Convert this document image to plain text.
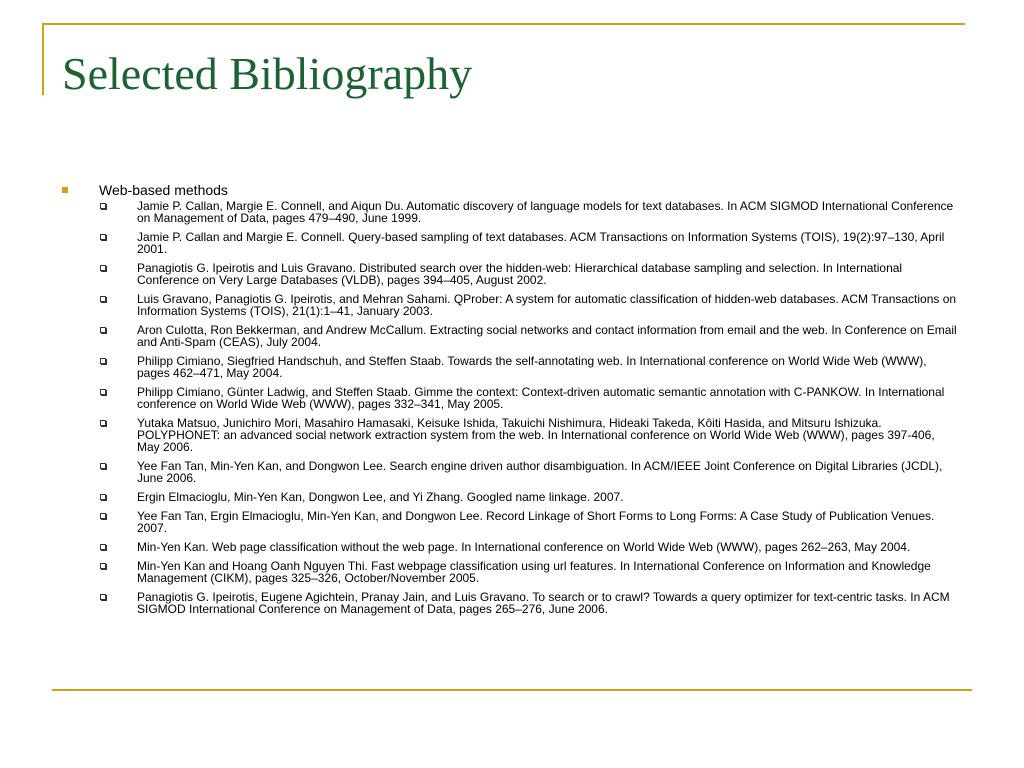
Selected Bibliography
Web-based methods
Jamie P. Callan, Margie E. Connell, and Aiqun Du. Automatic discovery of language models for text databases. In ACM SIGMOD International Conference on Management of Data, pages 479–490, June 1999.
Jamie P. Callan and Margie E. Connell. Query-based sampling of text databases. ACM Transactions on Information Systems (TOIS), 19(2):97–130, April 2001.
Panagiotis G. Ipeirotis and Luis Gravano. Distributed search over the hidden-web: Hierarchical database sampling and selection. In International Conference on Very Large Databases (VLDB), pages 394–405, August 2002.
Luis Gravano, Panagiotis G. Ipeirotis, and Mehran Sahami. QProber: A system for automatic classification of hidden-web databases. ACM Transactions on Information Systems (TOIS), 21(1):1–41, January 2003.
Aron Culotta, Ron Bekkerman, and Andrew McCallum. Extracting social networks and contact information from email and the web. In Conference on Email and Anti-Spam (CEAS), July 2004.
Philipp Cimiano, Siegfried Handschuh, and Steffen Staab. Towards the self-annotating web. In International conference on World Wide Web (WWW), pages 462–471, May 2004.
Philipp Cimiano, Günter Ladwig, and Steffen Staab. Gimme the context: Context-driven automatic semantic annotation with C-PANKOW. In International conference on World Wide Web (WWW), pages 332–341, May 2005.
Yutaka Matsuo, Junichiro Mori, Masahiro Hamasaki, Keisuke Ishida, Takuichi Nishimura, Hideaki Takeda, Kôiti Hasida, and Mitsuru Ishizuka. POLYPHONET: an advanced social network extraction system from the web. In International conference on World Wide Web (WWW), pages 397-406, May 2006.
Yee Fan Tan, Min-Yen Kan, and Dongwon Lee. Search engine driven author disambiguation. In ACM/IEEE Joint Conference on Digital Libraries (JCDL), June 2006.
Ergin Elmacioglu, Min-Yen Kan, Dongwon Lee, and Yi Zhang. Googled name linkage. 2007.
Yee Fan Tan, Ergin Elmacioglu, Min-Yen Kan, and Dongwon Lee. Record Linkage of Short Forms to Long Forms: A Case Study of Publication Venues. 2007.
Min-Yen Kan. Web page classification without the web page. In International conference on World Wide Web (WWW), pages 262–263, May 2004.
Min-Yen Kan and Hoang Oanh Nguyen Thi. Fast webpage classification using url features. In International Conference on Information and Knowledge Management (CIKM), pages 325–326, October/November 2005.
Panagiotis G. Ipeirotis, Eugene Agichtein, Pranay Jain, and Luis Gravano. To search or to crawl? Towards a query optimizer for text-centric tasks. In ACM SIGMOD International Conference on Management of Data, pages 265–276, June 2006.
